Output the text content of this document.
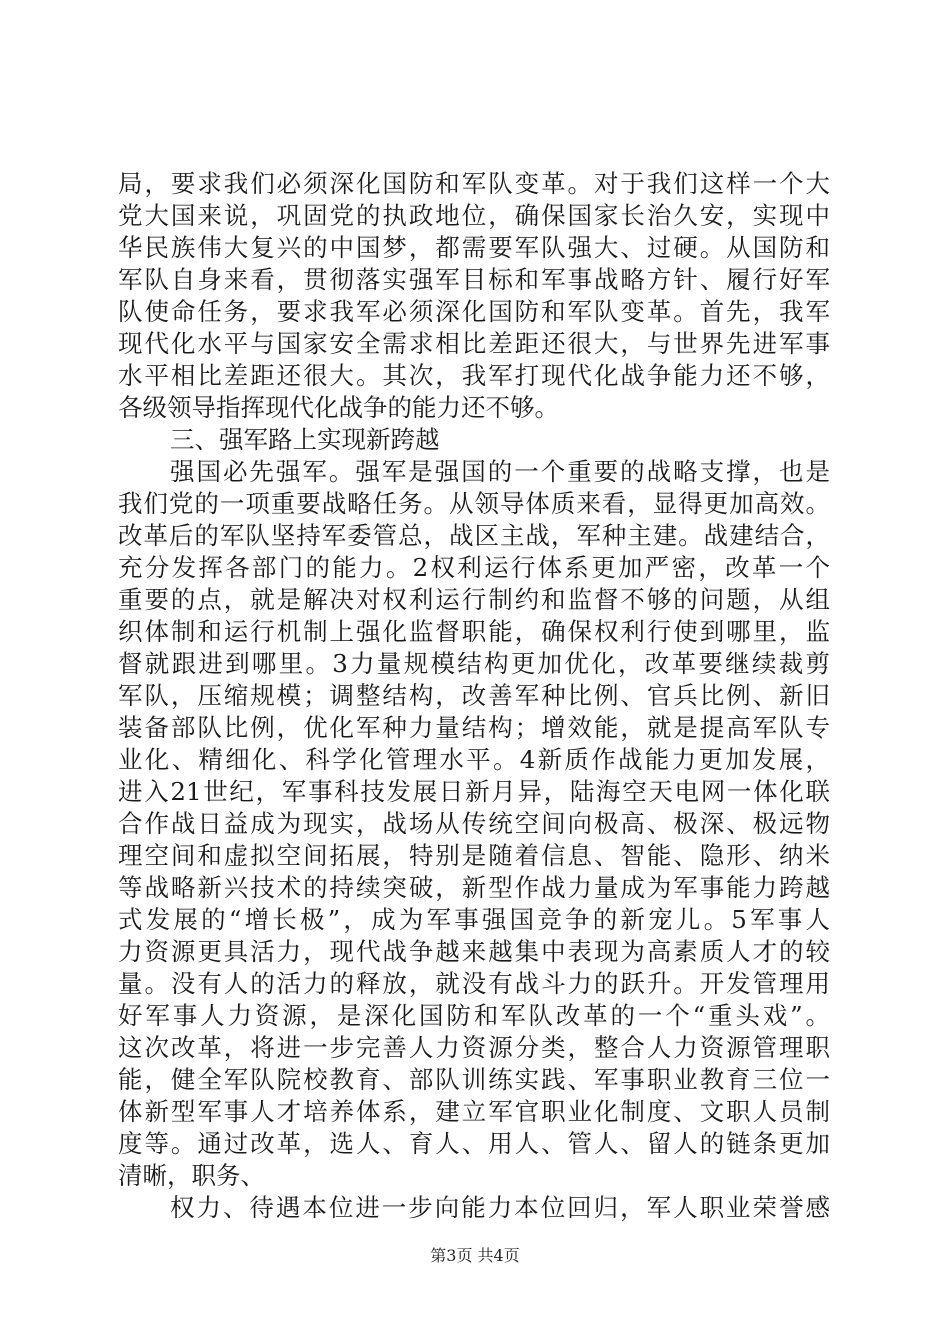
局，要求我们必须深化国防和军队变革。对于我们这样一个大
党大国来说，巩固党的执政地位，确保国家长治久安，实现中
华民族伟大复兴的中国梦，都需要军队强大、过硬。从国防和
军队自身来看，贯彻落实强军目标和军事战略方针、履行好军
队使命任务，要求我军必须深化国防和军队变革。首先，我军
现代化水平与国家安全需求相比差距还很大，与世界先进军事
水平相比差距还很大。其次，我军打现代化战争能力还不够，
各级领导指挥现代化战争的能力还不够。
三、强军路上实现新跨越
强国必先强军。强军是强国的一个重要的战略支撑，也是
我们党的一项重要战略任务。从领导体质来看，显得更加高效。
改革后的军队坚持军委管总，战区主战，军种主建。战建结合，
充分发挥各部门的能力。2权利运行体系更加严密，改革一个
重要的点，就是解决对权利运行制约和监督不够的问题，从组
织体制和运行机制上强化监督职能，确保权利行使到哪里，监
督就跟进到哪里。3力量规模结构更加优化，改革要继续裁剪
军队，压缩规模；调整结构，改善军种比例、官兵比例、新旧
装备部队比例，优化军种力量结构；增效能，就是提高军队专
业化、精细化、科学化管理水平。4新质作战能力更加发展，
进入21世纪，军事科技发展日新月异，陆海空天电网一体化联
合作战日益成为现实，战场从传统空间向极高、极深、极远物
理空间和虚拟空间拓展，特别是随着信息、智能、隐形、纳米
等战略新兴技术的持续突破，新型作战力量成为军事能力跨越
式发展的“增长极”，成为军事强国竞争的新宠儿。5军事人
力资源更具活力，现代战争越来越集中表现为高素质人才的较
量。没有人的活力的释放，就没有战斗力的跃升。开发管理用
好军事人力资源，是深化国防和军队改革的一个“重头戏”。
这次改革，将进一步完善人力资源分类，整合人力资源管理职
能，健全军队院校教育、部队训练实践、军事职业教育三位一
体新型军事人才培养体系，建立军官职业化制度、文职人员制
度等。通过改革，选人、育人、用人、管人、留人的链条更加
清晰，职务、
权力、待遇本位进一步向能力本位回归，军人职业荣誉感
第3页 共4页
